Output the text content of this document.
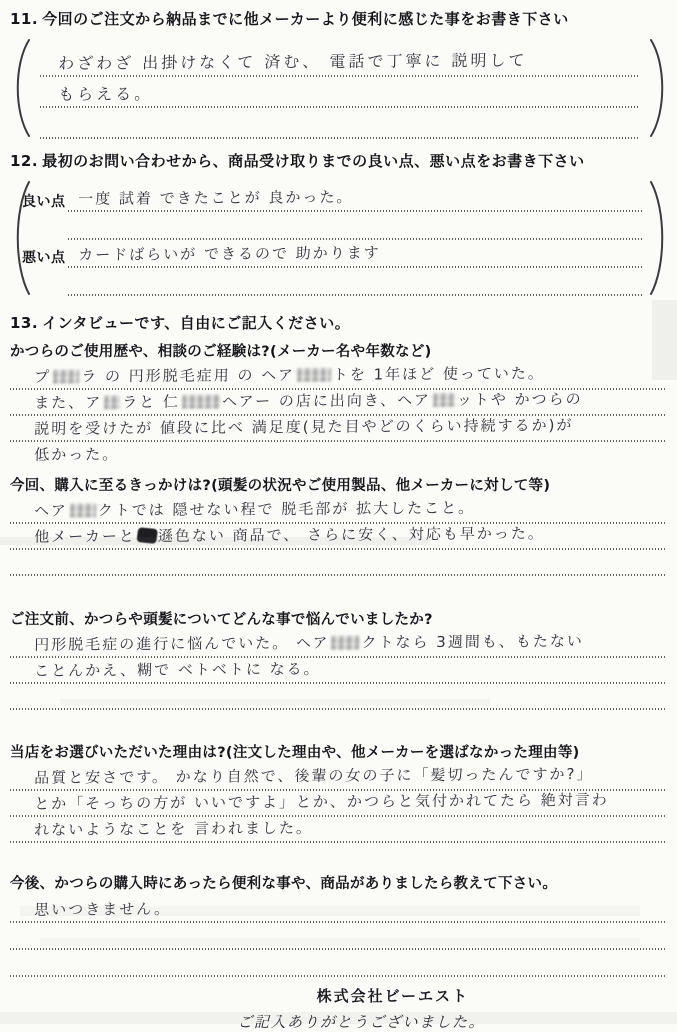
11. 今回のご注文から納品までに他メーカーより便利に感じた事をお書き下さい
わざわざ 出掛けなくて 済む、 電話で丁寧に 説明して
もらえる。
12. 最初のお問い合わせから、商品受け取りまでの良い点、悪い点をお書き下さい
良い点 一度 試着 できたことが 良かった。
悪い点 カードばらいが できるので 助かります
13. インタビューです、自由にご記入ください。
かつらのご使用歴や、相談のご経験は?(メーカー名や年数など)
プ ラ の 円形脱毛症用 の ヘア	トを 1年ほど 使っていた。
また、ア ラと 仁	ヘアー の店に出向き、ヘア ットや かつらの
説明を受けたが 値段に比べ 満足度(見た目やどのくらい持続するか)が
低かった。
今回、購入に至るきっかけは?(頭髪の状況やご使用製品、他メーカーに対して等)
ヘア クトでは 隠せない程で 脱毛部が 拡大したこと。
他メーカーと 遜色ない 商品で、 さらに安く、対応も早かった。
ご注文前、かつらや頭髪についてどんな事で悩んでいましたか?
円形脱毛症の進行に悩んでいた。 ヘア クトなら 3週間も、もたない
ことんかえ、糊で ベトベトに なる。
当店をお選びいただいた理由は?(注文した理由や、他メーカーを選ばなかった理由等)
品質と安さです。 かなり自然で、後輩の女の子に「髪切ったんですか?」
とか「そっちの方が いいですよ」とか、かつらと気付かれてたら 絶対言わ
れないようなことを 言われました。
今後、かつらの購入時にあったら便利な事や、商品がありましたら教えて下さい。
思いつきません。
株式会社ビーエスト
ご記入ありがとうございました。
